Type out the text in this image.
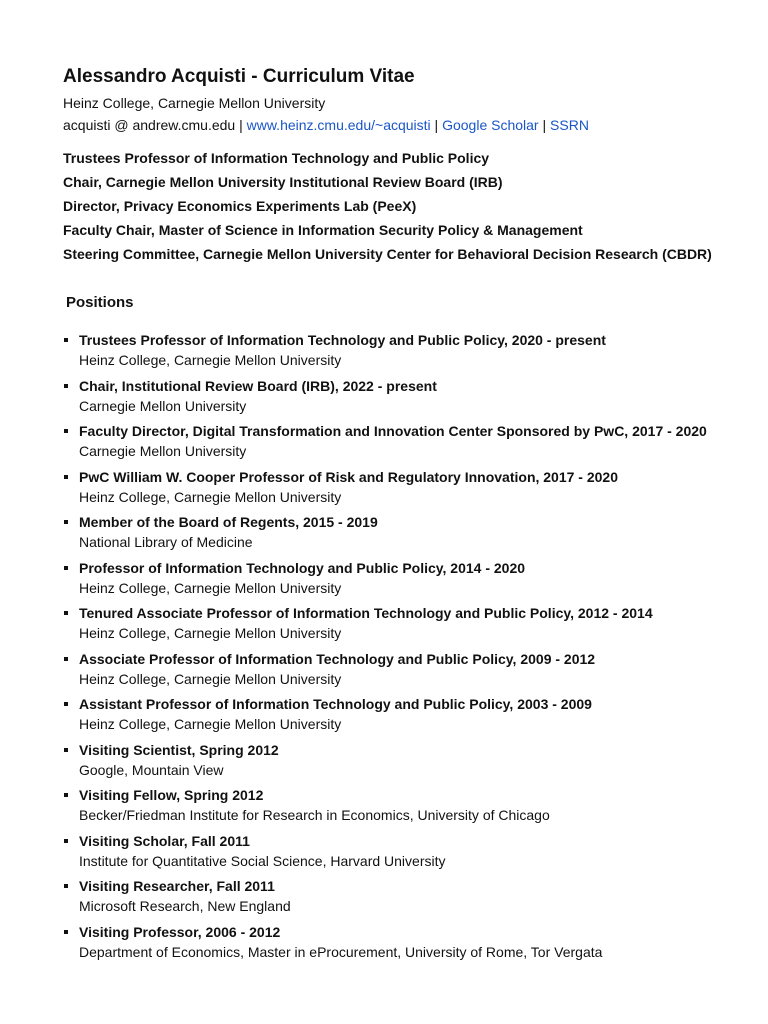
Alessandro Acquisti - Curriculum Vitae
Heinz College, Carnegie Mellon University
acquisti @ andrew.cmu.edu | www.heinz.cmu.edu/~acquisti | Google Scholar | SSRN
Trustees Professor of Information Technology and Public Policy
Chair, Carnegie Mellon University Institutional Review Board (IRB)
Director, Privacy Economics Experiments Lab (PeeX)
Faculty Chair, Master of Science in Information Security Policy & Management
Steering Committee, Carnegie Mellon University Center for Behavioral Decision Research (CBDR)
Positions
Trustees Professor of Information Technology and Public Policy, 2020 - present
Heinz College, Carnegie Mellon University
Chair, Institutional Review Board (IRB), 2022 - present
Carnegie Mellon University
Faculty Director, Digital Transformation and Innovation Center Sponsored by PwC, 2017 - 2020
Carnegie Mellon University
PwC William W. Cooper Professor of Risk and Regulatory Innovation, 2017 - 2020
Heinz College, Carnegie Mellon University
Member of the Board of Regents, 2015 - 2019
National Library of Medicine
Professor of Information Technology and Public Policy, 2014 - 2020
Heinz College, Carnegie Mellon University
Tenured Associate Professor of Information Technology and Public Policy, 2012 - 2014
Heinz College, Carnegie Mellon University
Associate Professor of Information Technology and Public Policy, 2009 - 2012
Heinz College, Carnegie Mellon University
Assistant Professor of Information Technology and Public Policy, 2003 - 2009
Heinz College, Carnegie Mellon University
Visiting Scientist, Spring 2012
Google, Mountain View
Visiting Fellow, Spring 2012
Becker/Friedman Institute for Research in Economics, University of Chicago
Visiting Scholar, Fall 2011
Institute for Quantitative Social Science, Harvard University
Visiting Researcher, Fall 2011
Microsoft Research, New England
Visiting Professor, 2006 - 2012
Department of Economics, Master in eProcurement, University of Rome, Tor Vergata
